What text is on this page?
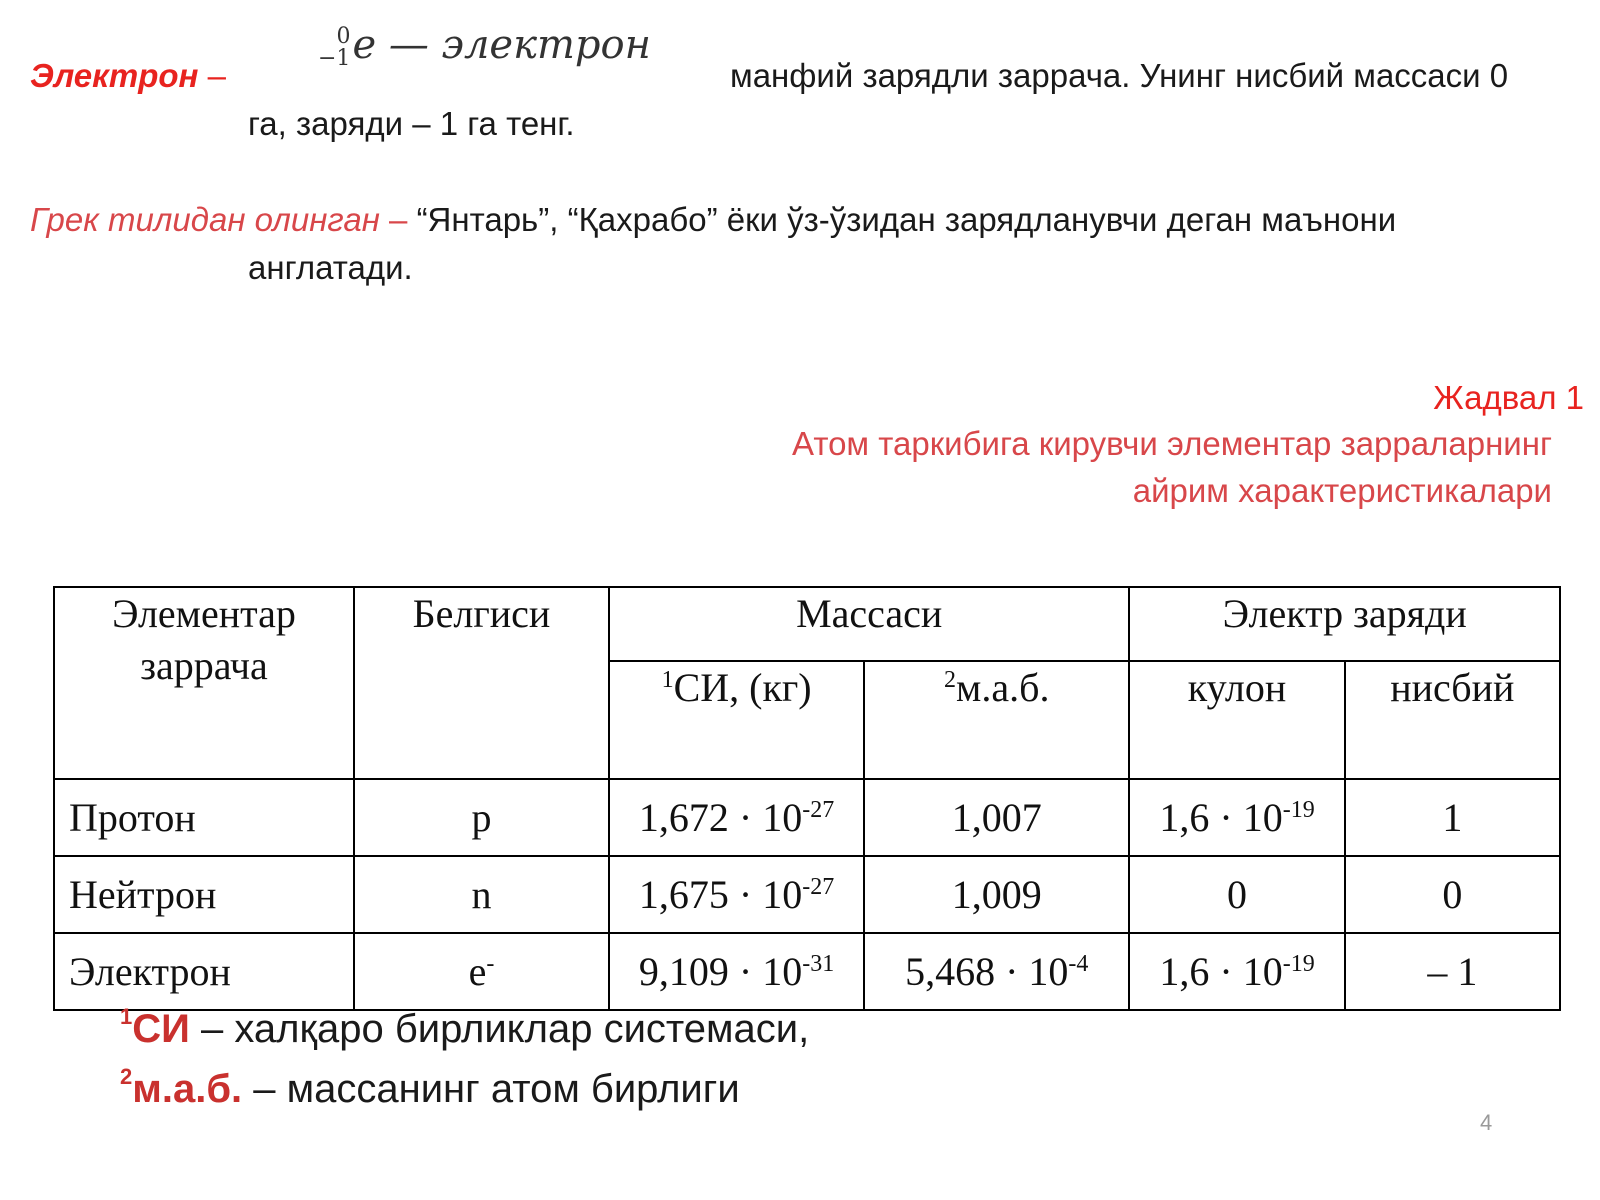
Электрон –
0
−1 e — электрон
манфий зарядли заррача. Унинг нисбий массаси 0
га, заряди – 1 га тенг.
Грек тилидан олинган – “Янтарь”, “Қахрабо” ёки ўз-ўзидан зарядланувчи деган маънони
англатади.
Жадвал 1
Атом таркибига кирувчи элементар зарраларнинг
айрим характеристикалари
Элементар заррача	Белгиси	Массаси		Электр заряди	
		$^1$СИ, (кг)	$^2$м.а.б.	кулон	нисбий
Протон	p	$1,672 \cdot 10^{-27}$	1,007	$1,6 \cdot 10^{-19}$	1
Нейтрон	n	$1,675 \cdot 10^{-27}$	1,009	0	0
Электрон	e-	$9,109 \cdot 10^{-31}$	$5,468 \cdot 10^{-4}$	$1,6 \cdot 10^{-19}$	– 1
$^1$СИ – халқаро бирликлар системаси,
$^2$м.а.б. – массанинг атом бирлиги
4
